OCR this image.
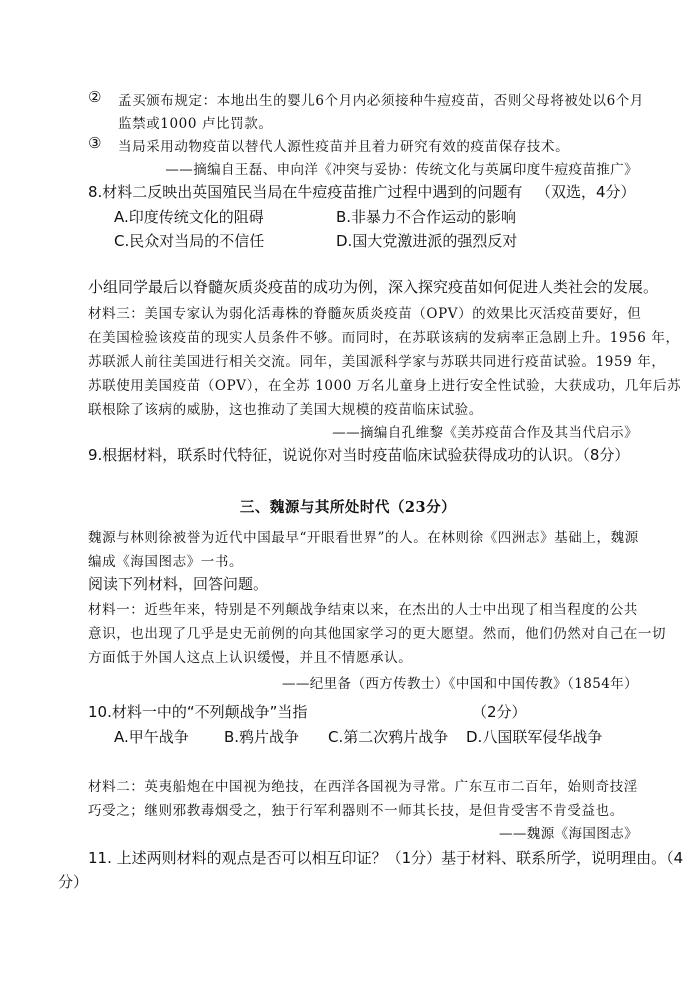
② 孟买颁布规定：本地出生的婴儿6个月内必须接种牛痘疫苗，否则父母将被处以6个月
监禁或1000 卢比罚款。
③ 当局采用动物疫苗以替代人源性疫苗并且着力研究有效的疫苗保存技术。
——摘编自王磊、申向洋《冲突与妥协：传统文化与英属印度牛痘疫苗推广》
8.材料二反映出英国殖民当局在牛痘疫苗推广过程中遇到的问题有 （双选，4分）
A.印度传统文化的阻碍	B.非暴力不合作运动的影响
C.民众对当局的不信任	D.国大党激进派的强烈反对
小组同学最后以脊髓灰质炎疫苗的成功为例，深入探究疫苗如何促进人类社会的发展。
材料三：美国专家认为弱化活毒株的脊髓灰质炎疫苗（OPV）的效果比灭活疫苗要好，但
在美国检验该疫苗的现实人员条件不够。而同时，在苏联该病的发病率正急剧上升。1956 年，
苏联派人前往美国进行相关交流。同年，美国派科学家与苏联共同进行疫苗试验。1959 年，
苏联使用美国疫苗（OPV），在全苏 1000 万名儿童身上进行安全性试验，大获成功，几年后苏
联根除了该病的威胁，这也推动了美国大规模的疫苗临床试验。
——摘编自孔维黎《美苏疫苗合作及其当代启示》
9.根据材料，联系时代特征，说说你对当时疫苗临床试验获得成功的认识。（8分）
三、魏源与其所处时代（23分）
魏源与林则徐被誉为近代中国最早“开眼看世界”的人。在林则徐《四洲志》基础上，魏源
编成《海国图志》一书。
阅读下列材料，回答问题。
材料一：近些年来，特别是不列颠战争结束以来，在杰出的人士中出现了相当程度的公共
意识，也出现了几乎是史无前例的向其他国家学习的更大愿望。然而，他们仍然对自己在一切
方面低于外国人这点上认识缓慢，并且不情愿承认。
——纪里备（西方传教士）《中国和中国传教》（1854年）
10.材料一中的“不列颠战争”当指	（2分）
A.甲午战争 B.鸦片战争 C.第二次鸦片战争 D.八国联军侵华战争
材料二：英夷船炮在中国视为绝技，在西洋各国视为寻常。广东互市二百年，始则奇技淫
巧受之；继则邪教毒烟受之，独于行军利器则不一师其长技，是但肯受害不肯受益也。
——魏源《海国图志》
11. 上述两则材料的观点是否可以相互印证？（1分）基于材料、联系所学，说明理由。（4
分）
